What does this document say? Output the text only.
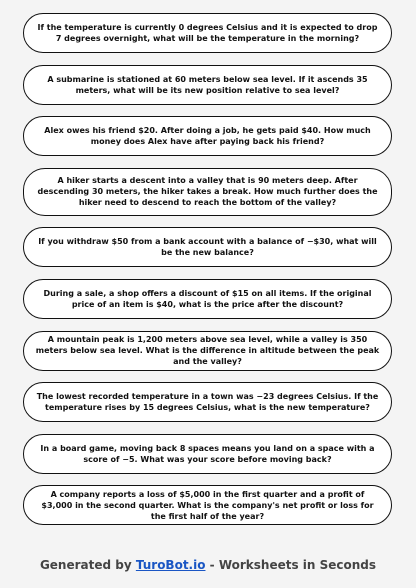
If the temperature is currently 0 degrees Celsius and it is expected to drop 7 degrees overnight, what will be the temperature in the morning?
A submarine is stationed at 60 meters below sea level. If it ascends 35 meters, what will be its new position relative to sea level?
Alex owes his friend $20. After doing a job, he gets paid $40. How much money does Alex have after paying back his friend?
A hiker starts a descent into a valley that is 90 meters deep. After descending 30 meters, the hiker takes a break. How much further does the hiker need to descend to reach the bottom of the valley?
If you withdraw $50 from a bank account with a balance of −$30, what will be the new balance?
During a sale, a shop offers a discount of $15 on all items. If the original price of an item is $40, what is the price after the discount?
A mountain peak is 1,200 meters above sea level, while a valley is 350 meters below sea level. What is the difference in altitude between the peak and the valley?
The lowest recorded temperature in a town was −23 degrees Celsius. If the temperature rises by 15 degrees Celsius, what is the new temperature?
In a board game, moving back 8 spaces means you land on a space with a score of −5. What was your score before moving back?
A company reports a loss of $5,000 in the first quarter and a profit of $3,000 in the second quarter. What is the company's net profit or loss for the first half of the year?
Generated by TuroBot.io - Worksheets in Seconds
